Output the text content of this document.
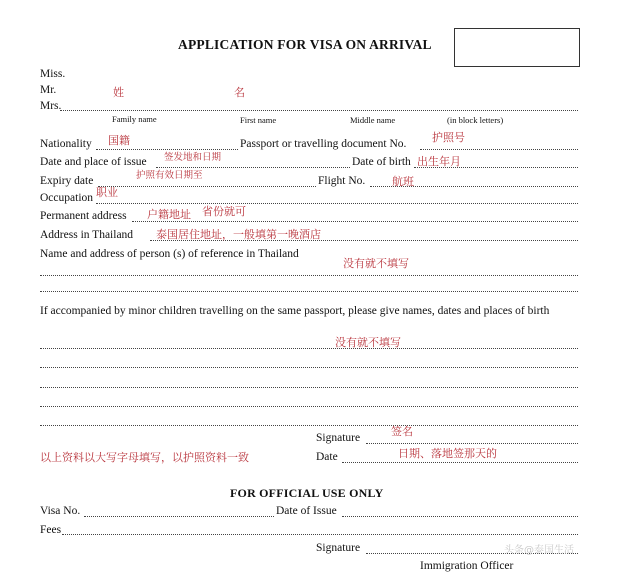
APPLICATION FOR VISA ON ARRIVAL
Miss.
Mr.
Mrs.
姓	名
Family name	First name	Middle name	(in block letters)
Nationality 国籍	Passport or travelling document No. 护照号
Date and place of issue 签发地和日期	Date of birth 出生年月
Expiry date	护照有效日期至	Flight No. 航班
Occupation 职业
Permanent address 户籍地址 省份就可
Address in Thailand 泰国居住地址，一般填第一晚酒店
Name and address of person (s) of reference in Thailand
没有就不填写
If accompanied by minor children travelling on the same passport, please give names, dates and places of birth
没有就不填写
Signature	签名
以上资料以大写字母填写，以护照资料一致	Date	日期、落地签那天的
FOR OFFICIAL USE ONLY
Visa No.	Date of Issue
Fees
Signature
Immigration Officer
头条@泰国生活
